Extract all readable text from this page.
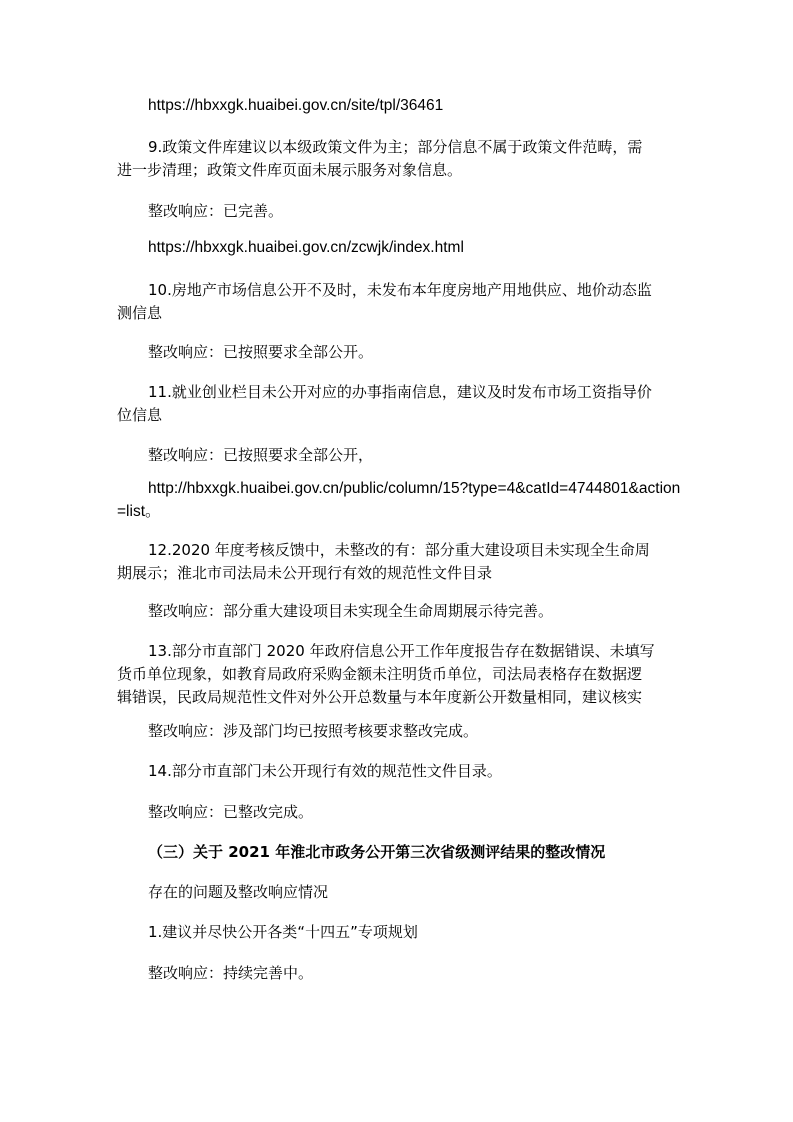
https://hbxxgk.huaibei.gov.cn/site/tpl/36461
9.政策文件库建议以本级政策文件为主；部分信息不属于政策文件范畴，需
进一步清理；政策文件库页面未展示服务对象信息。
整改响应：已完善。
https://hbxxgk.huaibei.gov.cn/zcwjk/index.html
10.房地产市场信息公开不及时，未发布本年度房地产用地供应、地价动态监
测信息
整改响应：已按照要求全部公开。
11.就业创业栏目未公开对应的办事指南信息，建议及时发布市场工资指导价
位信息
整改响应：已按照要求全部公开，
http://hbxxgk.huaibei.gov.cn/public/column/15?type=4&catId=4744801&action
=list。
12.2020 年度考核反馈中，未整改的有：部分重大建设项目未实现全生命周
期展示；淮北市司法局未公开现行有效的规范性文件目录
整改响应：部分重大建设项目未实现全生命周期展示待完善。
13.部分市直部门 2020 年政府信息公开工作年度报告存在数据错误、未填写
货币单位现象，如教育局政府采购金额未注明货币单位，司法局表格存在数据逻
辑错误，民政局规范性文件对外公开总数量与本年度新公开数量相同，建议核实
整改响应：涉及部门均已按照考核要求整改完成。
14.部分市直部门未公开现行有效的规范性文件目录。
整改响应：已整改完成。
（三）关于 2021 年淮北市政务公开第三次省级测评结果的整改情况
存在的问题及整改响应情况
1.建议并尽快公开各类“十四五”专项规划
整改响应：持续完善中。
